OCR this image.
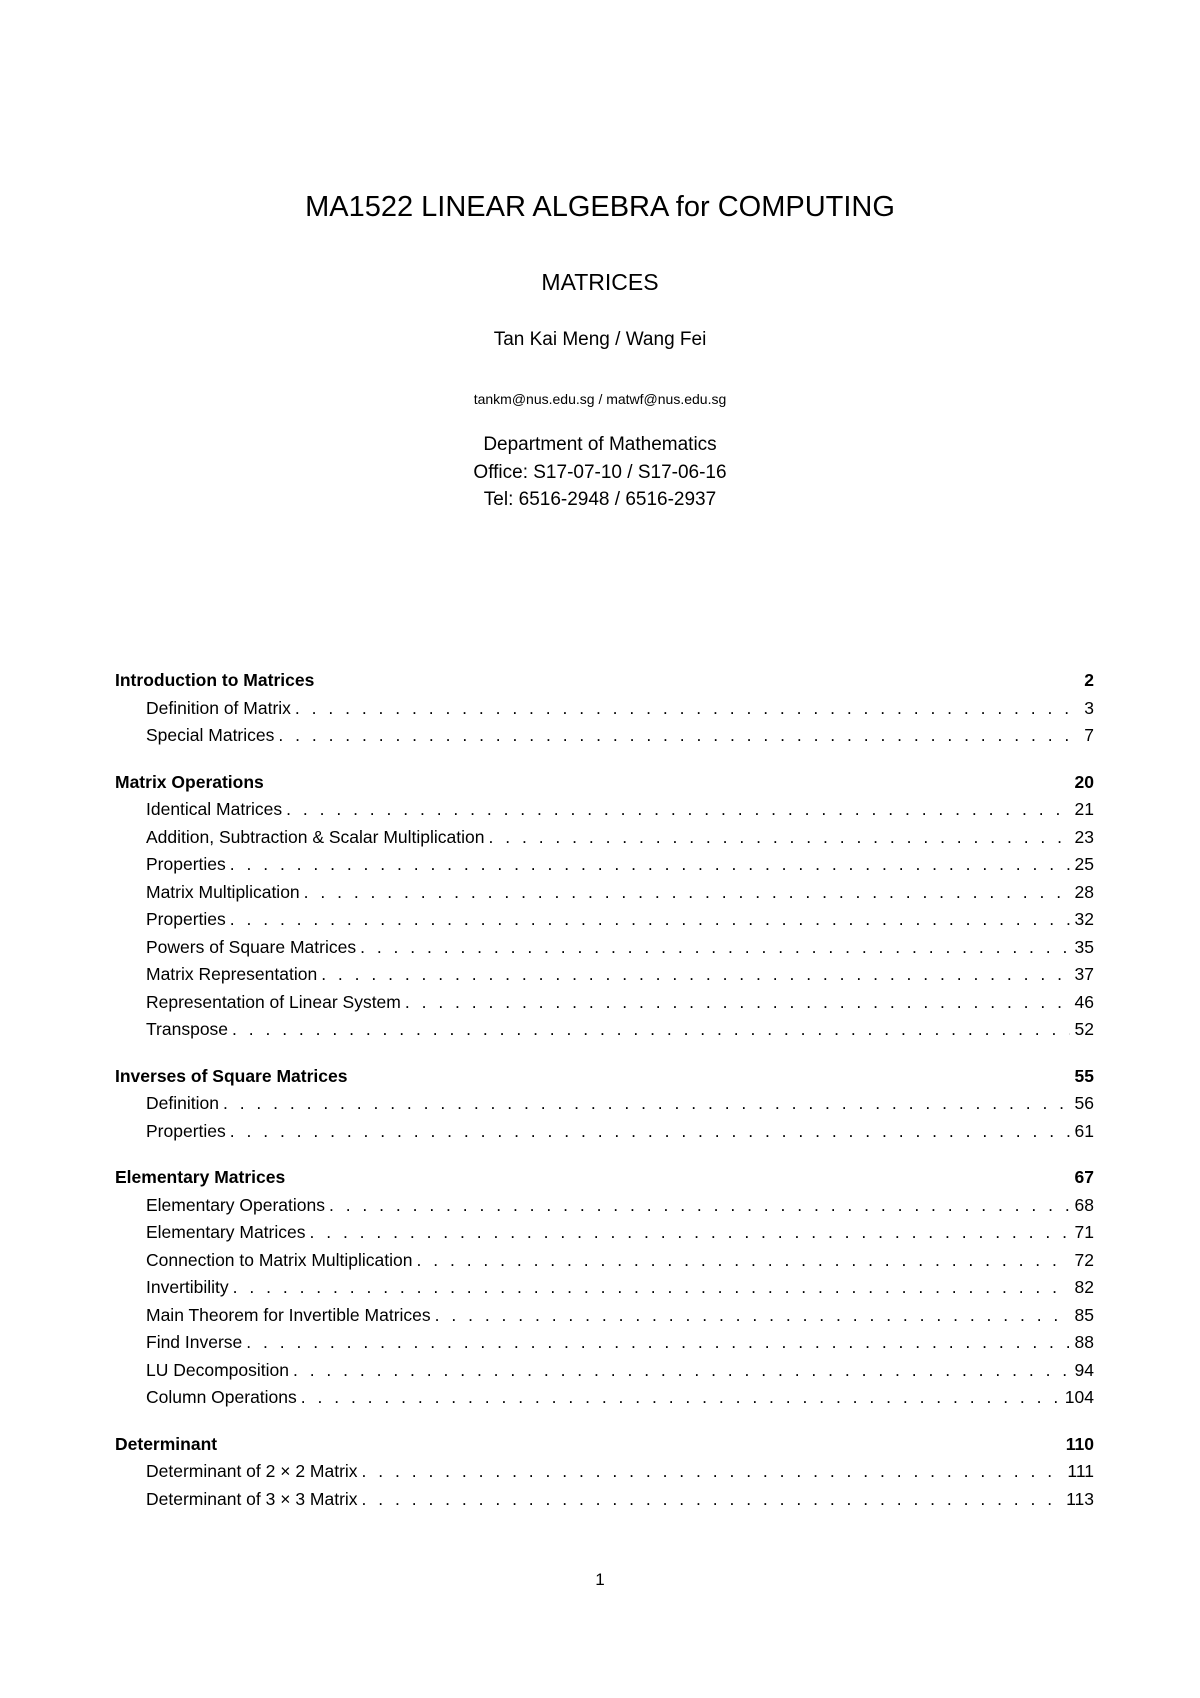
MA1522 LINEAR ALGEBRA for COMPUTING
MATRICES
Tan Kai Meng / Wang Fei
tankm@nus.edu.sg / matwf@nus.edu.sg
Department of Mathematics
Office: S17-07-10 / S17-06-16
Tel: 6516-2948 / 6516-2937
Introduction to Matrices	2
Definition of Matrix . . .	3
Special Matrices . . .	7
Matrix Operations	20
Identical Matrices . . .	21
Addition, Subtraction & Scalar Multiplication . . .	23
Properties . . .	25
Matrix Multiplication . . .	28
Properties . . .	32
Powers of Square Matrices . . .	35
Matrix Representation . . .	37
Representation of Linear System . . .	46
Transpose . . .	52
Inverses of Square Matrices	55
Definition . . .	56
Properties . . .	61
Elementary Matrices	67
Elementary Operations . . .	68
Elementary Matrices . . .	71
Connection to Matrix Multiplication . . .	72
Invertibility . . .	82
Main Theorem for Invertible Matrices . . .	85
Find Inverse . . .	88
LU Decomposition . . .	94
Column Operations . . .	104
Determinant	110
Determinant of 2 × 2 Matrix . . .	111
Determinant of 3 × 3 Matrix . . .	113
1
